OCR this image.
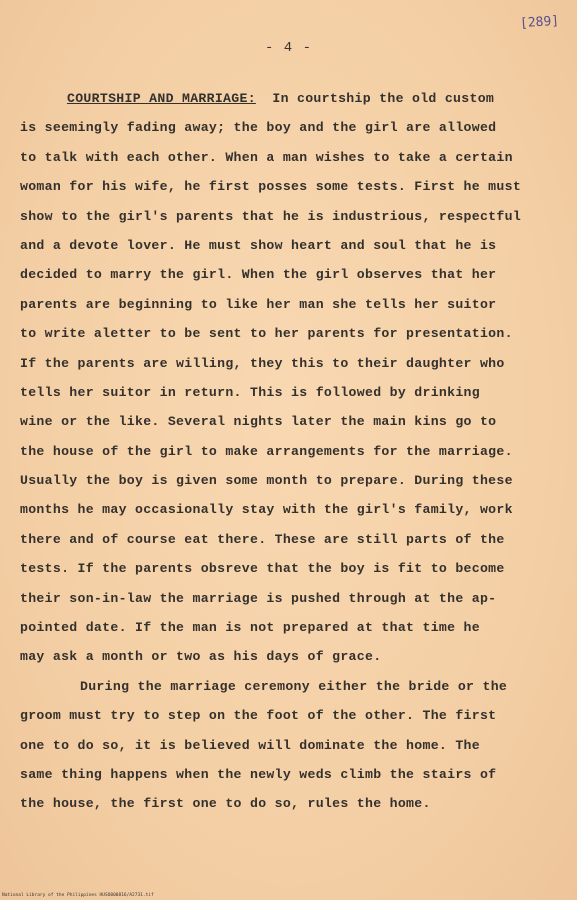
[289]
- 4 -
COURTSHIP AND MARRIAGE: In courtship the old custom
is seemingly fading away; the boy and the girl are allowed
to talk with each other. When a man wishes to take a certain
woman for his wife, he first posses some tests. First he must
show to the girl's parents that he is industrious, respectful
and a devote lover. He must show heart and soul that he is
decided to marry the girl. When the girl observes that her
parents are beginning to like her man she tells her suitor
to write aletter to be sent to her parents for presentation.
If the parents are willing, they this to their daughter who
tells her suitor in return. This is followed by drinking
wine or the like. Several nights later the main kins go to
the house of the girl to make arrangements for the marriage.
Usually the boy is given some month to prepare. During these
months he may occasionally stay with the girl's family, work
there and of course eat there. These are still parts of the
tests. If the parents obsreve that the boy is fit to become
their son-in-law the marriage is pushed through at the ap-
pointed date. If the man is not prepared at that time he
may ask a month or two as his days of grace.
During the marriage ceremony either the bride or the
groom must try to step on the foot of the other. The first
one to do so, it is believed will dominate the home. The
same thing happens when the newly weds climb the stairs of
the house, the first one to do so, rules the home.
National Library of the Philippines HUSO000816/A2731.tif
